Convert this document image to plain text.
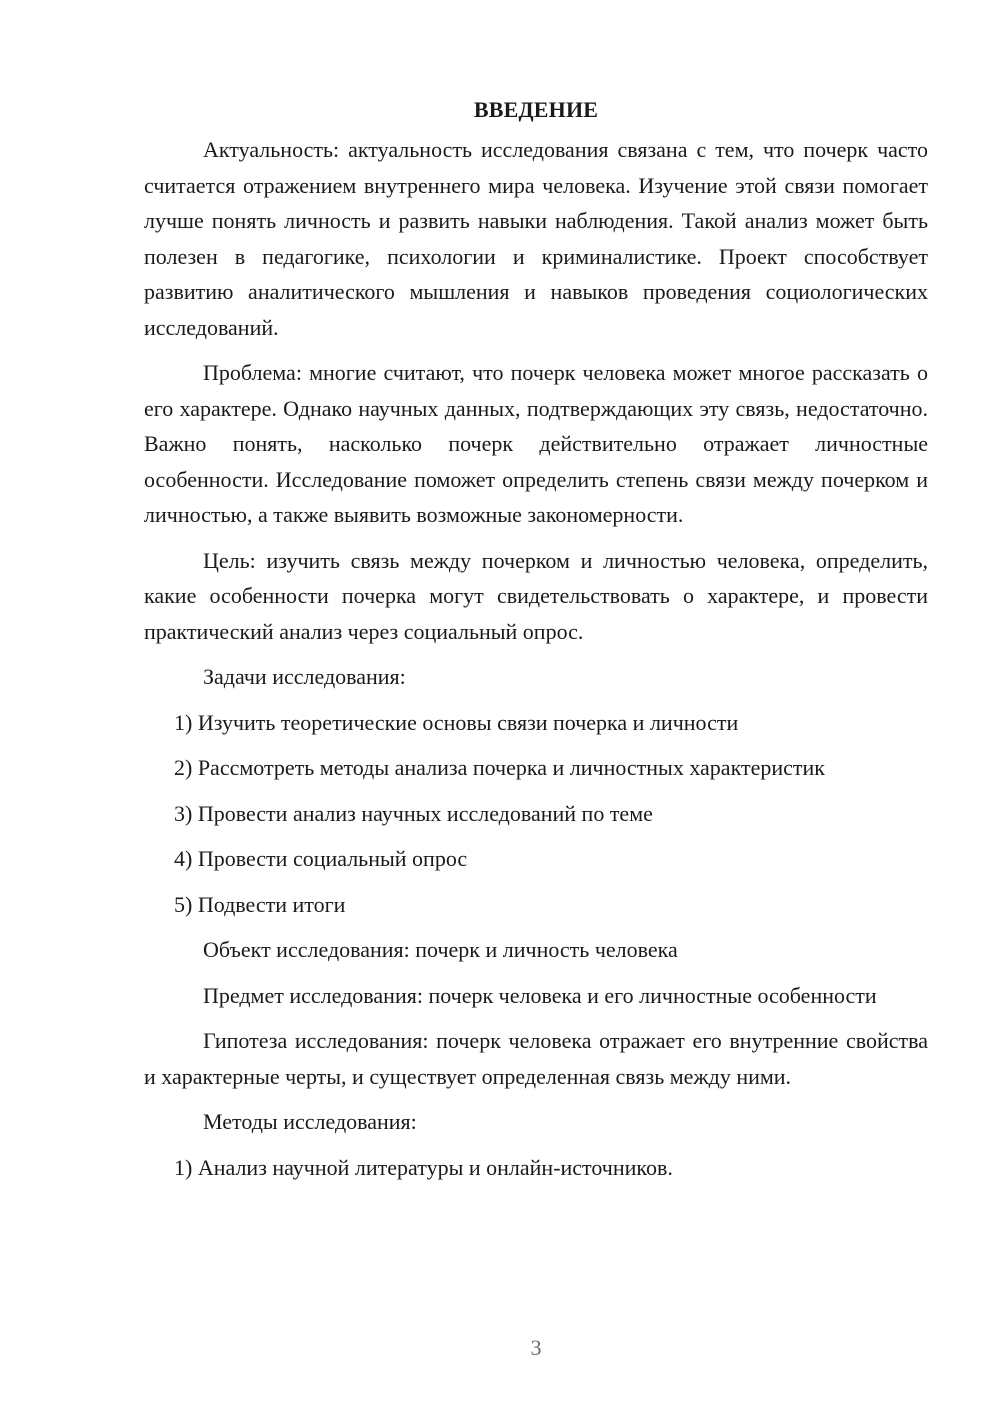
ВВЕДЕНИЕ

Актуальность: актуальность исследования связана с тем, что почерк часто считается отражением внутреннего мира человека. Изучение этой связи помогает лучше понять личность и развить навыки наблюдения. Такой анализ может быть полезен в педагогике, психологии и криминалистике. Проект способствует развитию аналитического мышления и навыков проведения социологических исследований.

Проблема: многие считают, что почерк человека может многое рассказать о его характере. Однако научных данных, подтверждающих эту связь, недостаточно. Важно понять, насколько почерк действительно отражает личностные особенности. Исследование поможет определить степень связи между почерком и личностью, а также выявить возможные закономерности.

Цель: изучить связь между почерком и личностью человека, определить, какие особенности почерка могут свидетельствовать о характере, и провести практический анализ через социальный опрос.

Задачи исследования:
1) Изучить теоретические основы связи почерка и личности
2) Рассмотреть методы анализа почерка и личностных характеристик
3) Провести анализ научных исследований по теме
4) Провести социальный опрос
5) Подвести итоги
Объект исследования: почерк и личность человека

Предмет исследования: почерк человека и его личностные особенности

Гипотеза исследования: почерк человека отражает его внутренние свойства и характерные черты, и существует определенная связь между ними.

Методы исследования:
1) Анализ научной литературы и онлайн-источников.
3
